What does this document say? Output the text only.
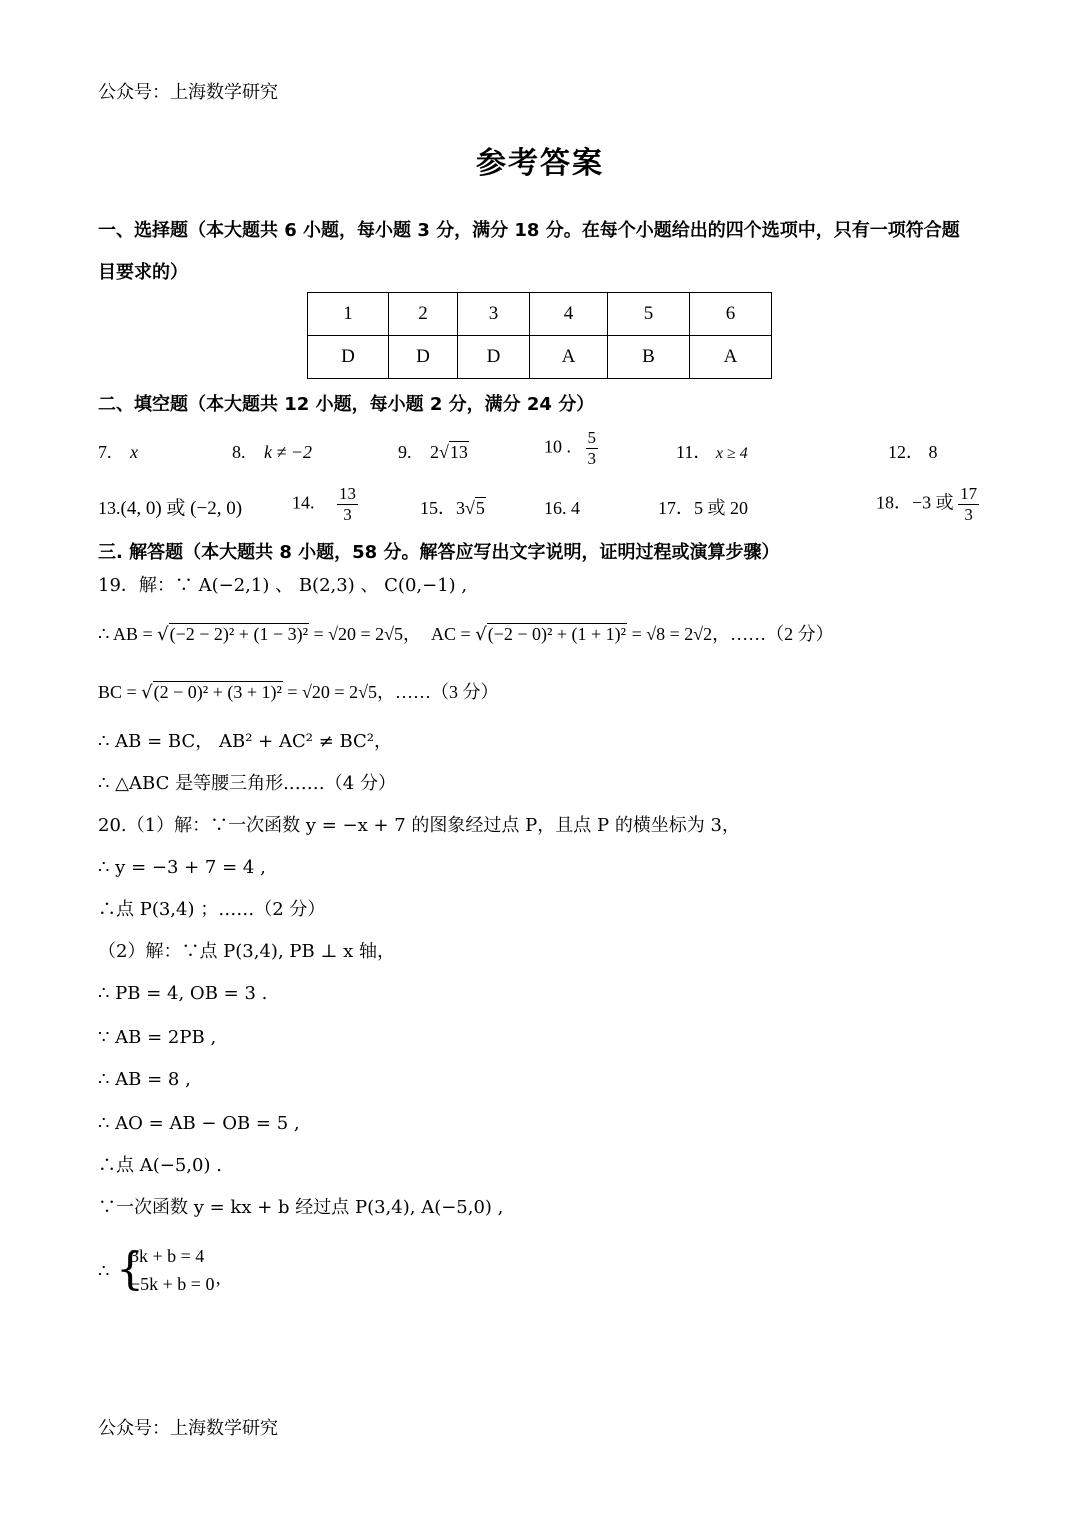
公众号：上海数学研究
参考答案
一、选择题（本大题共 6 小题，每小题 3 分，满分 18 分。在每个小题给出的四个选项中，只有一项符合题
目要求的）
1	2	3	4	5	6
D	D	D	A	B	A
二、填空题（本大题共 12 小题，每小题 2 分，满分 24 分）
7. x	8. k ≠ −2	9. 2√13	10 . $\frac{5}{3}$	11． x ≥ 4	12． 8
13.(4, 0) 或 (−2, 0)	14. $\frac{13}{3}$	15．3√5	16. 4	17．5 或 20	18．−3 或 $\frac{17}{3}$
三. 解答题（本大题共 8 小题，58 分。解答应写出文字说明，证明过程或演算步骤）
19．解：∵ A(−2,1) 、 B(2,3) 、 C(0,−1) ,
∴ AB = √(−2 − 2)² + (1 − 3)² = √20 = 2√5， AC = √(−2 − 0)² + (1 + 1)² = √8 = 2√2，……（2 分）
BC = √(2 − 0)² + (3 + 1)² = √20 = 2√5，……（3 分）
∴ AB = BC， AB² + AC² ≠ BC²，
∴ △ABC 是等腰三角形.……（4 分）
20.（1）解：∵一次函数 y = −x + 7 的图象经过点 P，且点 P 的横坐标为 3，
∴ y = −3 + 7 = 4 ,
∴点 P(3,4) ；……（2 分）
（2）解：∵点 P(3,4), PB ⊥ x 轴，
∴ PB = 4, OB = 3 .
∵ AB = 2PB ,
∴ AB = 8 ,
∴ AO = AB − OB = 5 ,
∴点 A(−5,0) .
∵一次函数 y = kx + b 经过点 P(3,4), A(−5,0) ,
∴ {
3k + b = 4
−5k + b = 0 ,
公众号：上海数学研究
